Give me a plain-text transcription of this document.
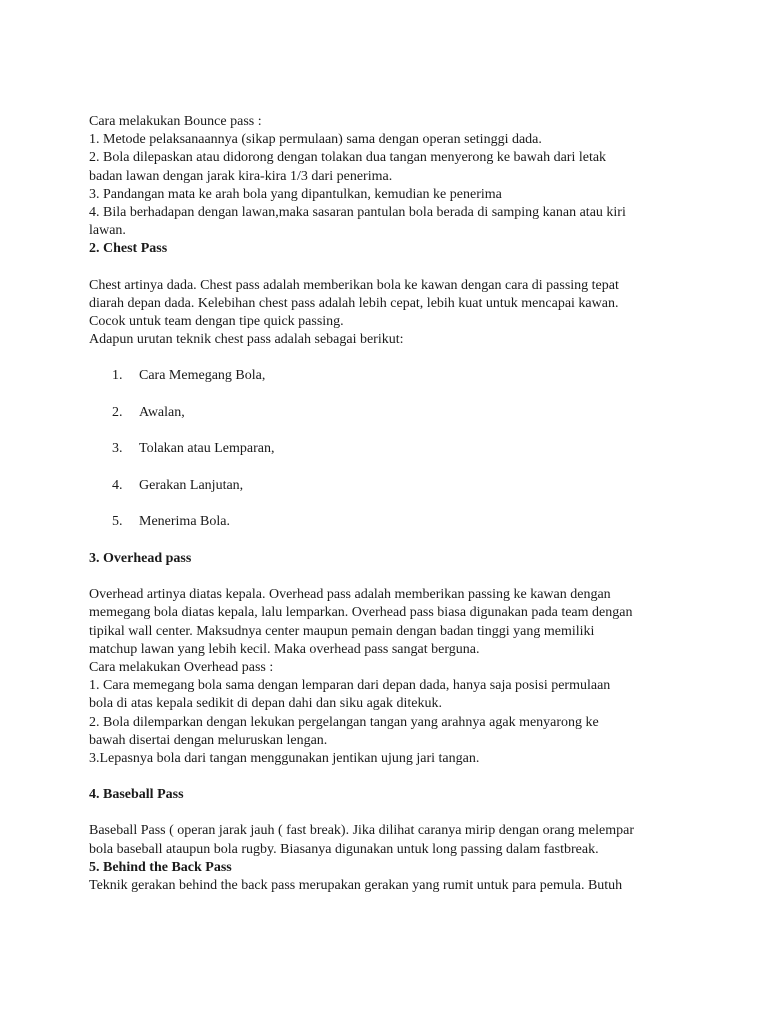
Cara melakukan Bounce pass :
1. Metode pelaksanaannya (sikap permulaan) sama dengan operan setinggi dada.
2. Bola dilepaskan atau didorong dengan tolakan dua tangan menyerong ke bawah dari letak
badan lawan dengan jarak kira-kira 1/3 dari penerima.
3. Pandangan mata ke arah bola yang dipantulkan, kemudian ke penerima
4. Bila berhadapan dengan lawan,maka sasaran pantulan bola berada di samping kanan atau kiri
lawan.
2. Chest Pass
Chest artinya dada. Chest pass adalah memberikan bola ke kawan dengan cara di passing tepat
diarah depan dada. Kelebihan chest pass adalah lebih cepat, lebih kuat untuk mencapai kawan.
Cocok untuk team dengan tipe quick passing.
Adapun urutan teknik chest pass adalah sebagai berikut:
1.	Cara Memegang Bola,
2.	Awalan,
3.	Tolakan atau Lemparan,
4.	Gerakan Lanjutan,
5.	Menerima Bola.
3. Overhead pass
Overhead artinya diatas kepala. Overhead pass adalah memberikan passing ke kawan dengan
memegang bola diatas kepala, lalu lemparkan. Overhead pass biasa digunakan pada team dengan
tipikal wall center. Maksudnya center maupun pemain dengan badan tinggi yang memiliki
matchup lawan yang lebih kecil. Maka overhead pass sangat berguna.
Cara melakukan Overhead pass :
1. Cara memegang bola sama dengan lemparan dari depan dada, hanya saja posisi permulaan
bola di atas kepala sedikit di depan dahi dan siku agak ditekuk.
2. Bola dilemparkan dengan lekukan pergelangan tangan yang arahnya agak menyarong ke
bawah disertai dengan meluruskan lengan.
3.Lepasnya bola dari tangan menggunakan jentikan ujung jari tangan.
4. Baseball Pass
Baseball Pass ( operan jarak jauh ( fast break). Jika dilihat caranya mirip dengan orang melempar
bola baseball ataupun bola rugby. Biasanya digunakan untuk long passing dalam fastbreak.
5. Behind the Back Pass
Teknik gerakan behind the back pass merupakan gerakan yang rumit untuk para pemula. Butuh
